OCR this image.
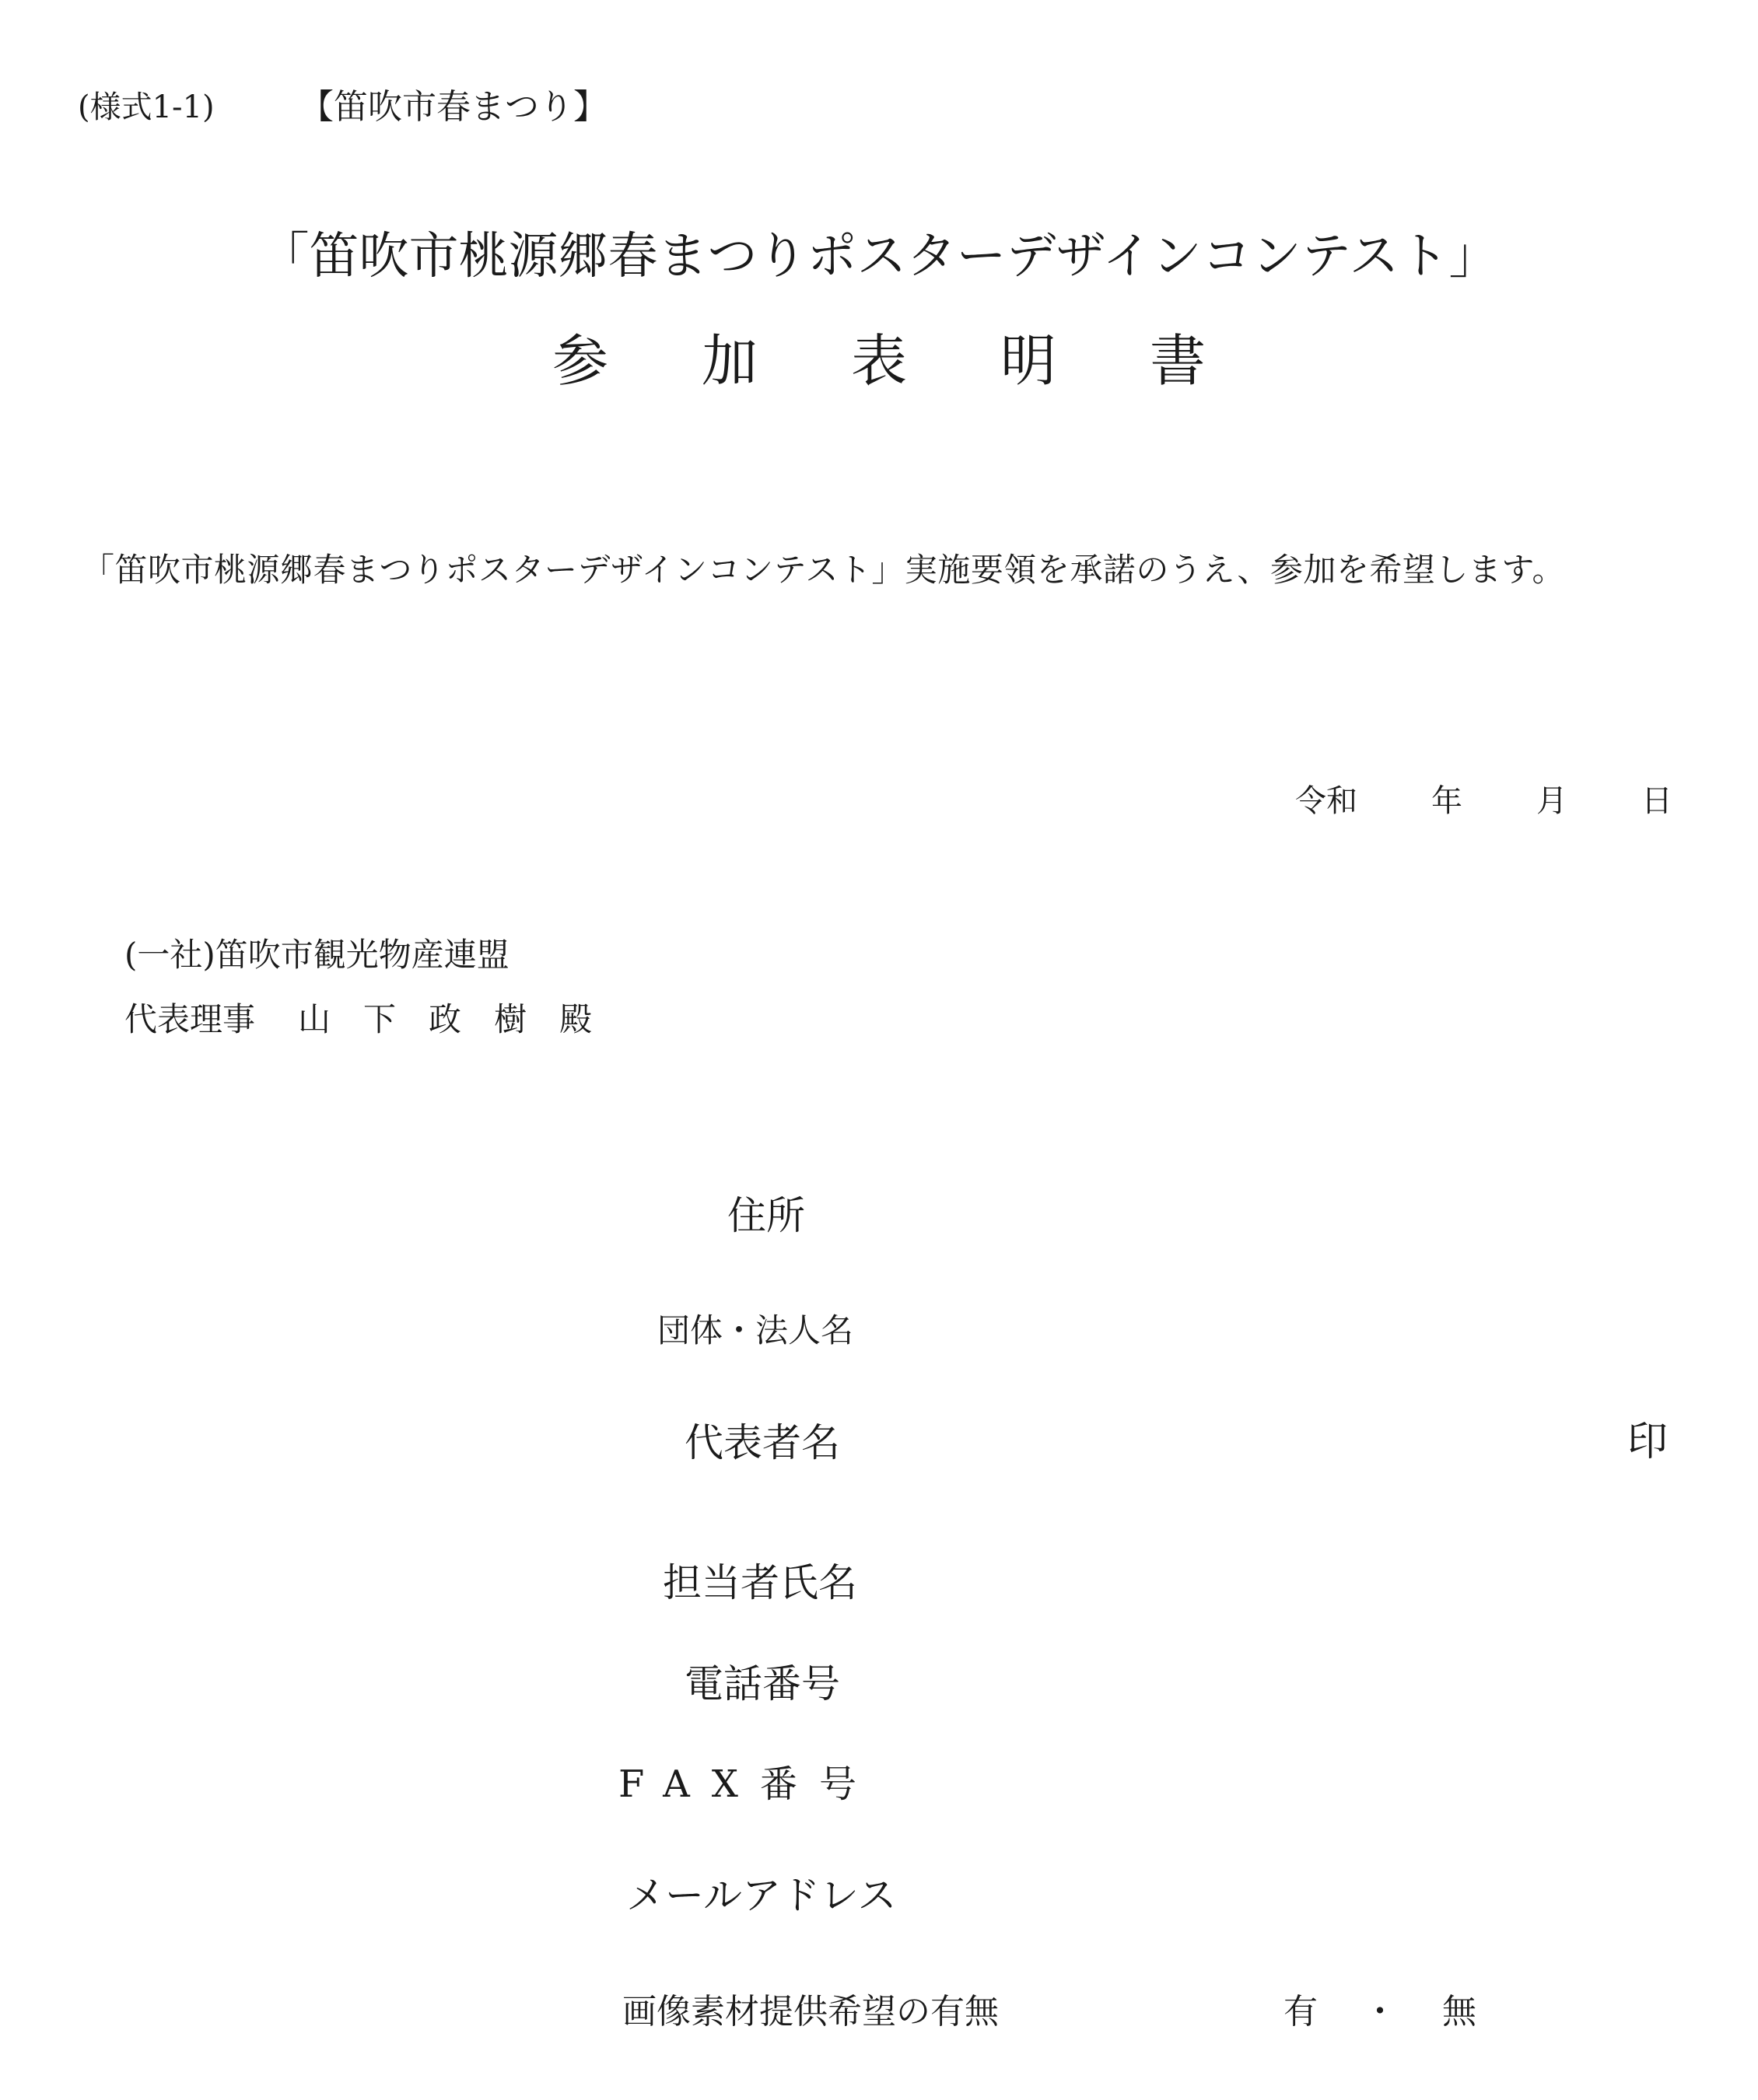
(様式1-1) 【笛吹市春まつり】
「笛吹市桃源郷春まつりポスターデザインコンテスト」
参 加 表 明 書
「笛吹市桃源郷春まつりポスターデザインコンテスト」実施要領を承諾のうえ、参加を希望します。
令和 年 月 日
(一社)笛吹市観光物産連盟
代表理事 山 下 政 樹 殿
住所
団体・法人名
代表者名	印
担当者氏名
電話番号
FAX番号
メールアドレス
画像素材提供希望の有無	有 ・ 無
